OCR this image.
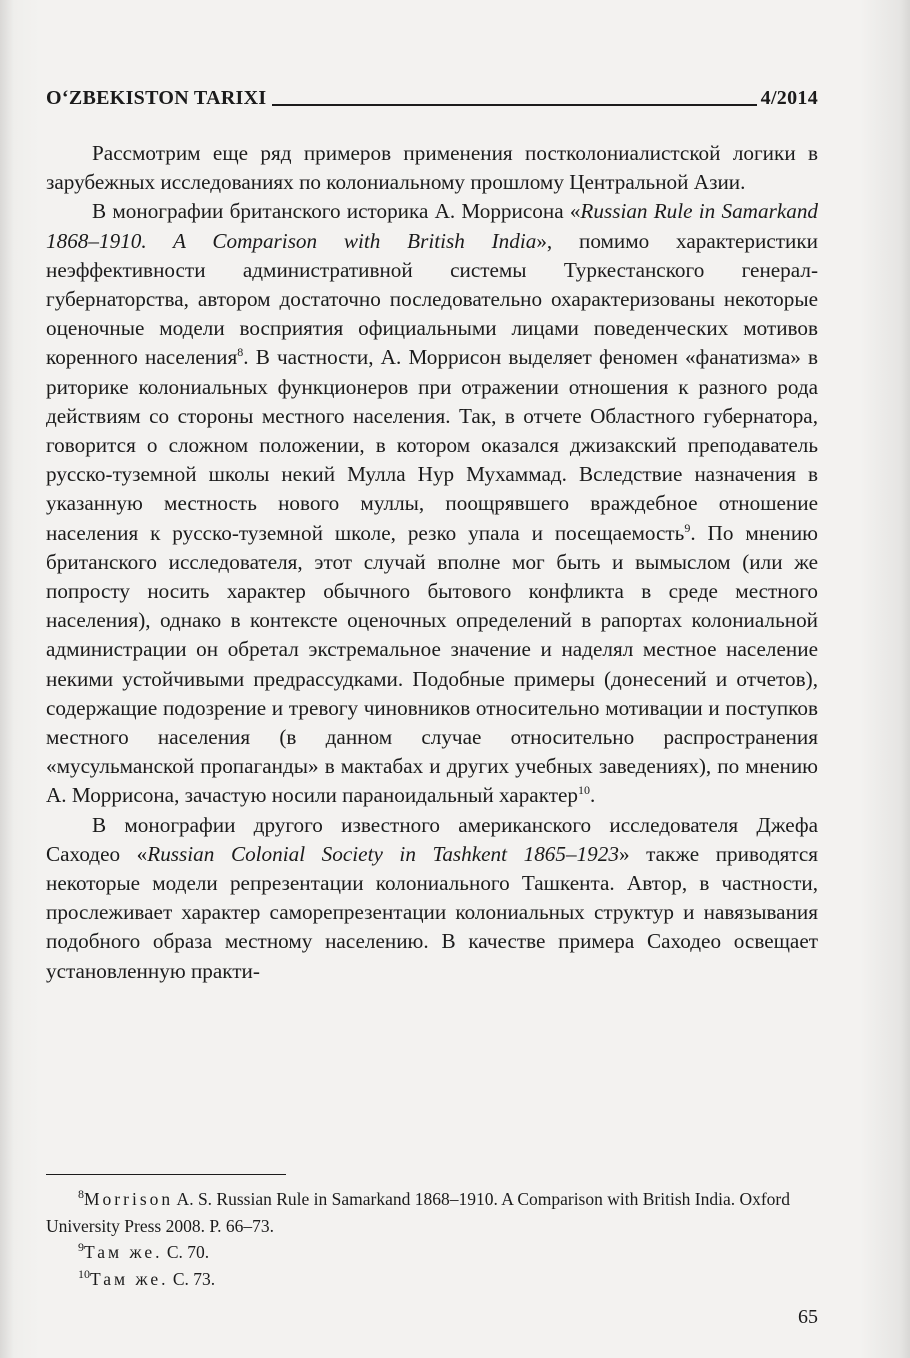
O‘ZBEKISTON TARIXI	4/2014

Рассмотрим еще ряд примеров применения постколониалистской логики в зарубежных исследованиях по колониальному прошлому Центральной Азии.

В монографии британского историка А. Моррисона «Russian Rule in Samarkand 1868–1910. A Comparison with British India», помимо характеристики неэффективности административной системы Туркестанского генерал-губернаторства, автором достаточно последовательно охарактеризованы некоторые оценочные модели восприятия официальными лицами поведенческих мотивов коренного населения$^8$. В частности, А. Моррисон выделяет феномен «фанатизма» в риторике колониальных функционеров при отражении отношения к разного рода действиям со стороны местного населения. Так, в отчете Областного губернатора, говорится о сложном положении, в котором оказался джизакский преподаватель русско-туземной школы некий Мулла Нур Мухаммад. Вследствие назначения в указанную местность нового муллы, поощрявшего враждебное отношение населения к русско-туземной школе, резко упала и посещаемость$^9$. По мнению британского исследователя, этот случай вполне мог быть и вымыслом (или же попросту носить характер обычного бытового конфликта в среде местного населения), однако в контексте оценочных определений в рапортах колониальной администрации он обретал экстремальное значение и наделял местное население некими устойчивыми предрассудками. Подобные примеры (донесений и отчетов), содержащие подозрение и тревогу чиновников относительно мотивации и поступков местного населения (в данном случае относительно распространения «мусульманской пропаганды» в мактабах и других учебных заведениях), по мнению А. Моррисона, зачастую носили параноидальный характер$^{10}$.

В монографии другого известного американского исследователя Джефа Саходео «Russian Colonial Society in Tashkent 1865–1923» также приводятся некоторые модели репрезентации колониального Ташкента. Автор, в частности, прослеживает характер саморепрезентации колониальных структур и навязывания подобного образа местному населению. В качестве примера Саходео освещает установленную практи-

$^8$Morrison A. S. Russian Rule in Samarkand 1868–1910. A Comparison with British India. Oxford University Press 2008. P. 66–73.

$^9$Там же. С. 70.

$^{10}$Там же. С. 73.

65
